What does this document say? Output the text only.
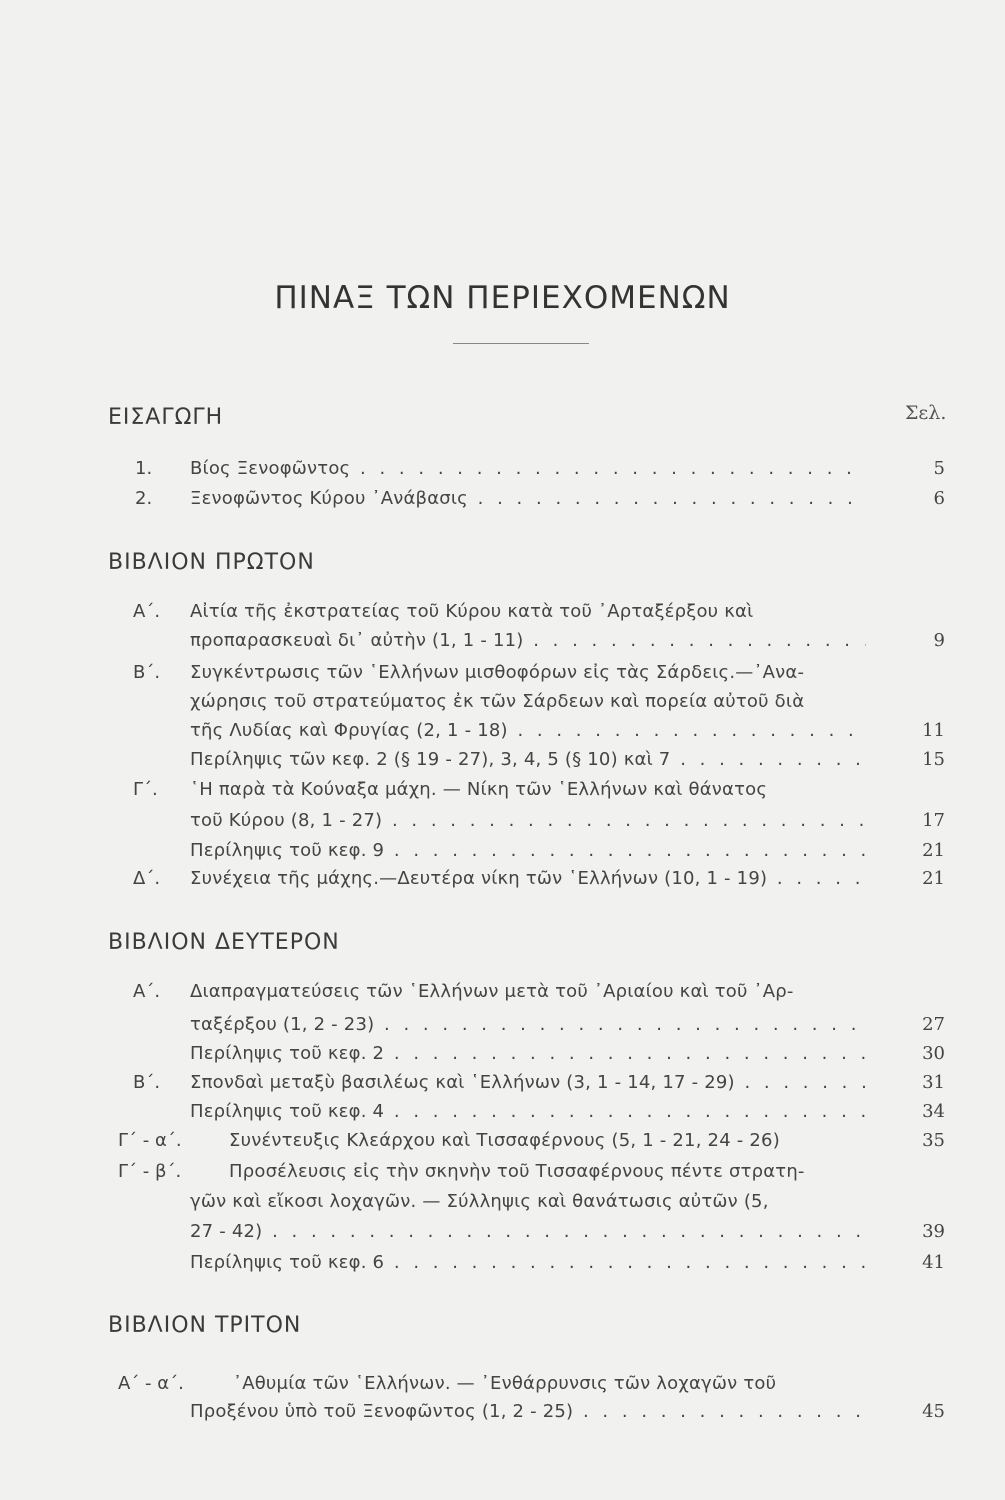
ΠΙΝΑΞ ΤΩΝ ΠΕΡΙΕΧΟΜΕΝΩΝ
Σελ.
ΕΙΣΑΓΩΓΗ
1. Βίος Ξενοφῶντος . . .	5
2. Ξενοφῶντος Κύρου ᾿Ανάβασις . . .	6
ΒΙΒΛΙΟΝ ΠΡΩΤΟΝ
Α΄. Αἰτία τῆς ἐκστρατείας τοῦ Κύρου κατὰ τοῦ ᾿Αρταξέρξου καὶ
προπαρασκευαὶ δι᾿ αὐτὴν (1, 1 - 11) . . .	9
Β΄. Συγκέντρωσις τῶν ῾Ελλήνων μισθοφόρων εἰς τὰς Σάρδεις.—᾿Ανα-
χώρησις τοῦ στρατεύματος ἐκ τῶν Σάρδεων καὶ πορεία αὐτοῦ διὰ
τῆς Λυδίας καὶ Φρυγίας (2, 1 - 18) . . .	11
Περίληψις τῶν κεφ. 2 (§ 19 - 27), 3, 4, 5 (§ 10) καὶ 7 . . .	15
Γ΄. ῾Η παρὰ τὰ Κούναξα μάχη. — Νίκη τῶν ῾Ελλήνων καὶ θάνατος
τοῦ Κύρου (8, 1 - 27) . . .	17
Περίληψις τοῦ κεφ. 9 . . .	21
Δ΄. Συνέχεια τῆς μάχης.—Δευτέρα νίκη τῶν ῾Ελλήνων (10, 1 - 19) . . .	21
ΒΙΒΛΙΟΝ ΔΕΥΤΕΡΟΝ
Α΄. Διαπραγματεύσεις τῶν ῾Ελλήνων μετὰ τοῦ ᾿Αριαίου καὶ τοῦ ᾿Αρ-
ταξέρξου (1, 2 - 23) . . .	27
Περίληψις τοῦ κεφ. 2 . . .	30
Β΄. Σπονδαὶ μεταξὺ βασιλέως καὶ ῾Ελλήνων (3, 1 - 14, 17 - 29) . . .	31
Περίληψις τοῦ κεφ. 4 . . .	34
Γ΄ - α΄.	Συνέντευξις Κλεάρχου καὶ Τισσαφέρνους (5, 1 - 21, 24 - 26)	35
Γ΄ - β΄.	Προσέλευσις εἰς τὴν σκηνὴν τοῦ Τισσαφέρνους πέντε στρατη-
γῶν καὶ εἴκοσι λοχαγῶν. — Σύλληψις καὶ θανάτωσις αὐτῶν (5,
27 - 42) . . .	39
Περίληψις τοῦ κεφ. 6 . . .	41
ΒΙΒΛΙΟΝ ΤΡΙΤΟΝ
Α΄ - α΄.	᾿Αθυμία τῶν ῾Ελλήνων. — ᾿Ενθάρρυνσις τῶν λοχαγῶν τοῦ
Προξένου ὑπὸ τοῦ Ξενοφῶντος (1, 2 - 25) . . .	45
